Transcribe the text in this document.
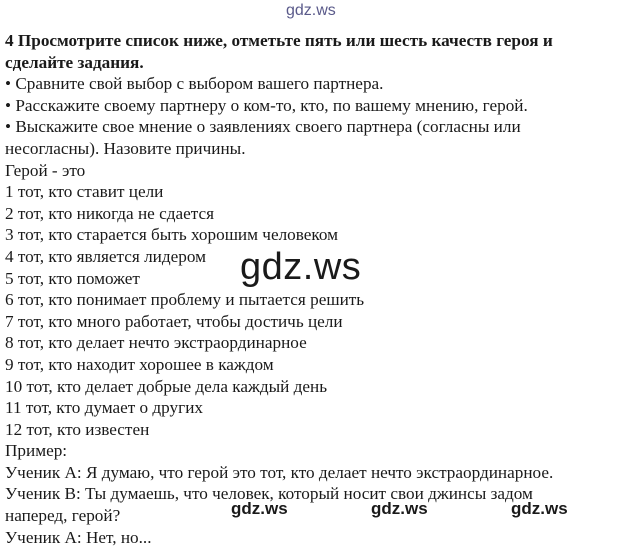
gdz.ws

4 Просмотрите список ниже, отметьте пять или шесть качеств героя и сделайте задания.

• Сравните свой выбор с выбором вашего партнера.

• Расскажите своему партнеру о ком-то, кто, по вашему мнению, герой.

• Выскажите свое мнение о заявлениях своего партнера (согласны или

несогласны). Назовите причины.

Герой - это

1 тот, кто ставит цели

2 тот, кто никогда не сдается

3 тот, кто старается быть хорошим человеком

4 тот, кто является лидером

5 тот, кто поможет

6 тот, кто понимает проблему и пытается решить

7 тот, кто много работает, чтобы достичь цели

8 тот, кто делает нечто экстраординарное

9 тот, кто находит хорошее в каждом

10 тот, кто делает добрые дела каждый день

11 тот, кто думает о других

12 тот, кто известен

Пример:

Ученик А: Я думаю, что герой это тот, кто делает нечто экстраординарное.

Ученик В: Ты думаешь, что человек, который носит свои джинсы задом

наперед, герой?

Ученик А: Нет, но...

gdz.ws
gdz.ws	gdz.ws	gdz.ws
